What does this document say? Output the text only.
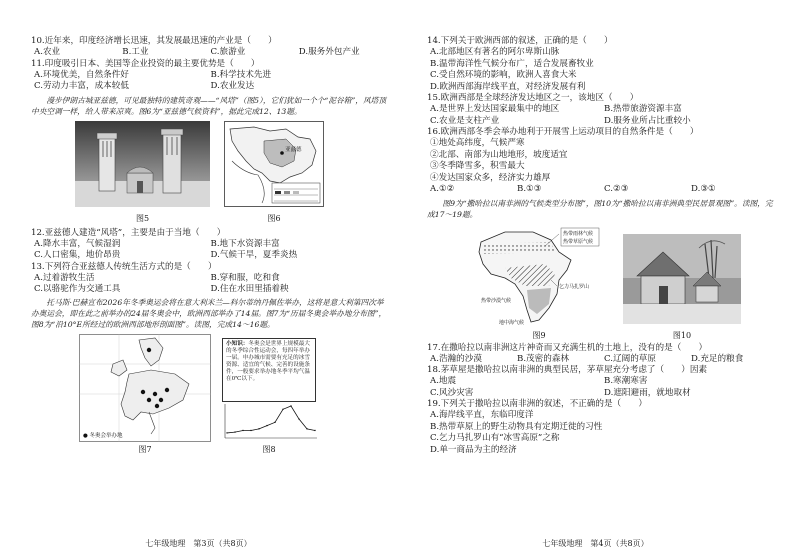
10.近年来，印度经济增长迅速，其发展最迅速的产业是（　　）
A.农业	B.工业	C.旅游业	D.服务外包产业
11.印度吸引日本、美国等企业投资的最主要优势是（　　）
A.环境优美，自然条件好	B.科学技术先进
C.劳动力丰富，成本较低	D.农业发达
漫步伊朗古城亚兹德，可见最独特的建筑奇观——“风塔”（图5），它们犹如一个个“泥谷箱”，风塔顶中央空调一样，给人带来凉爽。图6为“亚兹德气候资料”，据此完成12、13题。
图5
亚兹德
图6
12.亚兹德人建造“风塔”，主要是由于当地（　　）
A.降水丰富，气候湿润	B.地下水资源丰富
C.人口密集，地价昂贵	D.气候干旱，夏季炎热
13.下列符合亚兹德人传统生活方式的是（　　）
A.过着游牧生活	B.穿和服，吃和食
C.以骆驼作为交通工具	D.住在水田里插着秧
托马斯·巴赫宣布2026年冬季奥运会将在意大利米兰—科尔蒂纳丹佩佐举办，这将是意大利第四次举办奥运会，即在此之前举办的24届冬奥会中，欧洲西部举办了14届。图7为“历届冬奥会举办地分布图”，图8为“沿10°E所经过的欧洲西部地形剖面图”。读图，完成14～16题。
● 冬奥会举办地
图7
小知识：冬奥会是世界上规模最大的冬季综合性运动会，每四年举办一届。申办城市需要有充足的冰雪资源、适宜的气候、完善的设施条件，一般要求举办地冬季平均气温在0℃以下。
图8
七年级地理　第3页（共8页）
14.下列关于欧洲西部的叙述，正确的是（　　）
A.北部地区有著名的阿尔卑斯山脉
B.温带海洋性气候分布广，适合发展畜牧业
C.受自然环境的影响，欧洲人喜食大米
D.欧洲西部海岸线平直，对经济发展有利
15.欧洲西部是全球经济发达地区之一，该地区（　　）
A.是世界上发达国家最集中的地区	B.热带旅游资源丰富
C.农业是支柱产业	D.服务业所占比重较小
16.欧洲西部冬季会举办地利于开展雪上运动项目的自然条件是（　　）
①地处高纬度，气候严寒
②北部、南部为山地地形，坡度适宜
③冬季降雪多，积雪最大
④发达国家众多，经济实力雄厚
A.①②	B.①③	C.②③	D.③①
图9为“撒哈拉以南非洲的气候类型分布图”，图10为“撒哈拉以南非洲典型民居景观图”。读图，完成17～19题。
热带雨林气候
热带草原气候
热带沙漠气候
乞力马扎罗山
地中海气候
图9	图10
17.在撒哈拉以南非洲这片神奇而又充满生机的土地上，没有的是（　　）
A.浩瀚的沙漠	B.茂密的森林	C.辽阔的草原	D.充足的粮食
18.茅草屋是撒哈拉以南非洲的典型民居，茅草屋充分考虑了（　　）因素
A.地震	B.寒潮寒害
C.风沙灾害	D.遮阳避雨，就地取材
19.下列关于撒哈拉以南非洲的叙述，不正确的是（　　）
A.海岸线平直，东临印度洋
B.热带草原上的野生动物具有定期迁徙的习性
C.乞力马扎罗山有“冰雪高原”之称
D.单一商品为主的经济
七年级地理　第4页（共8页）
